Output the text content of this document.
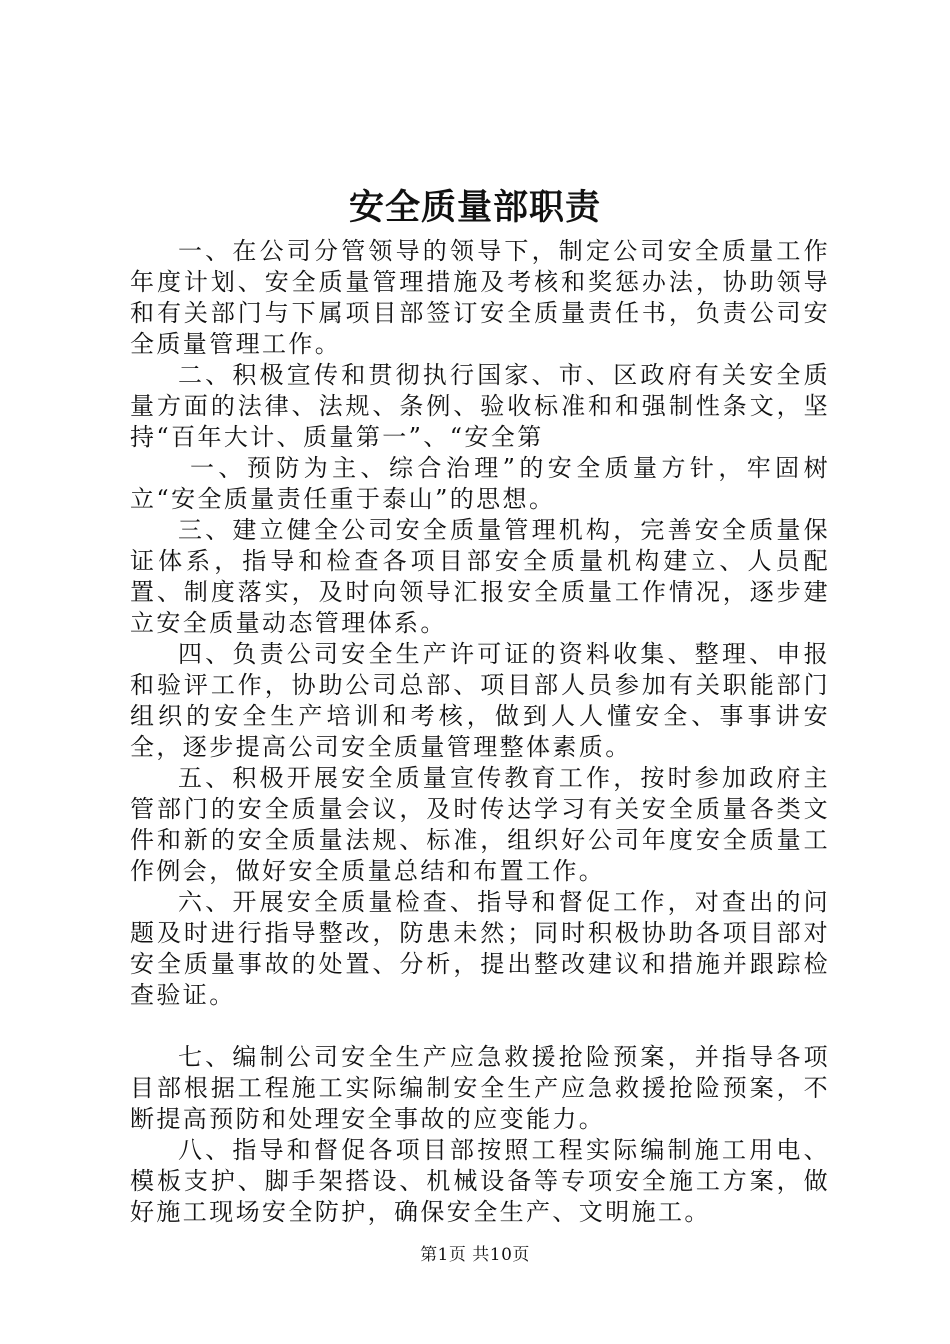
安全质量部职责

一、在公司分管领导的领导下，制定公司安全质量工作年度计划、安全质量管理措施及考核和奖惩办法，协助领导和有关部门与下属项目部签订安全质量责任书，负责公司安全质量管理工作。

二、积极宣传和贯彻执行国家、市、区政府有关安全质量方面的法律、法规、条例、验收标准和和强制性条文，坚持“百年大计、质量第一”、“安全第

一、预防为主、综合治理”的安全质量方针，牢固树立“安全质量责任重于泰山”的思想。

三、建立健全公司安全质量管理机构，完善安全质量保证体系，指导和检查各项目部安全质量机构建立、人员配置、制度落实，及时向领导汇报安全质量工作情况，逐步建立安全质量动态管理体系。

四、负责公司安全生产许可证的资料收集、整理、申报和验评工作，协助公司总部、项目部人员参加有关职能部门组织的安全生产培训和考核，做到人人懂安全、事事讲安全，逐步提高公司安全质量管理整体素质。

五、积极开展安全质量宣传教育工作，按时参加政府主管部门的安全质量会议，及时传达学习有关安全质量各类文件和新的安全质量法规、标准，组织好公司年度安全质量工作例会，做好安全质量总结和布置工作。

六、开展安全质量检查、指导和督促工作，对查出的问题及时进行指导整改，防患未然；同时积极协助各项目部对安全质量事故的处置、分析，提出整改建议和措施并跟踪检查验证。

七、编制公司安全生产应急救援抢险预案，并指导各项目部根据工程施工实际编制安全生产应急救援抢险预案，不断提高预防和处理安全事故的应变能力。

八、指导和督促各项目部按照工程实际编制施工用电、模板支护、脚手架搭设、机械设备等专项安全施工方案，做好施工现场安全防护，确保安全生产、文明施工。

第1页 共10页
